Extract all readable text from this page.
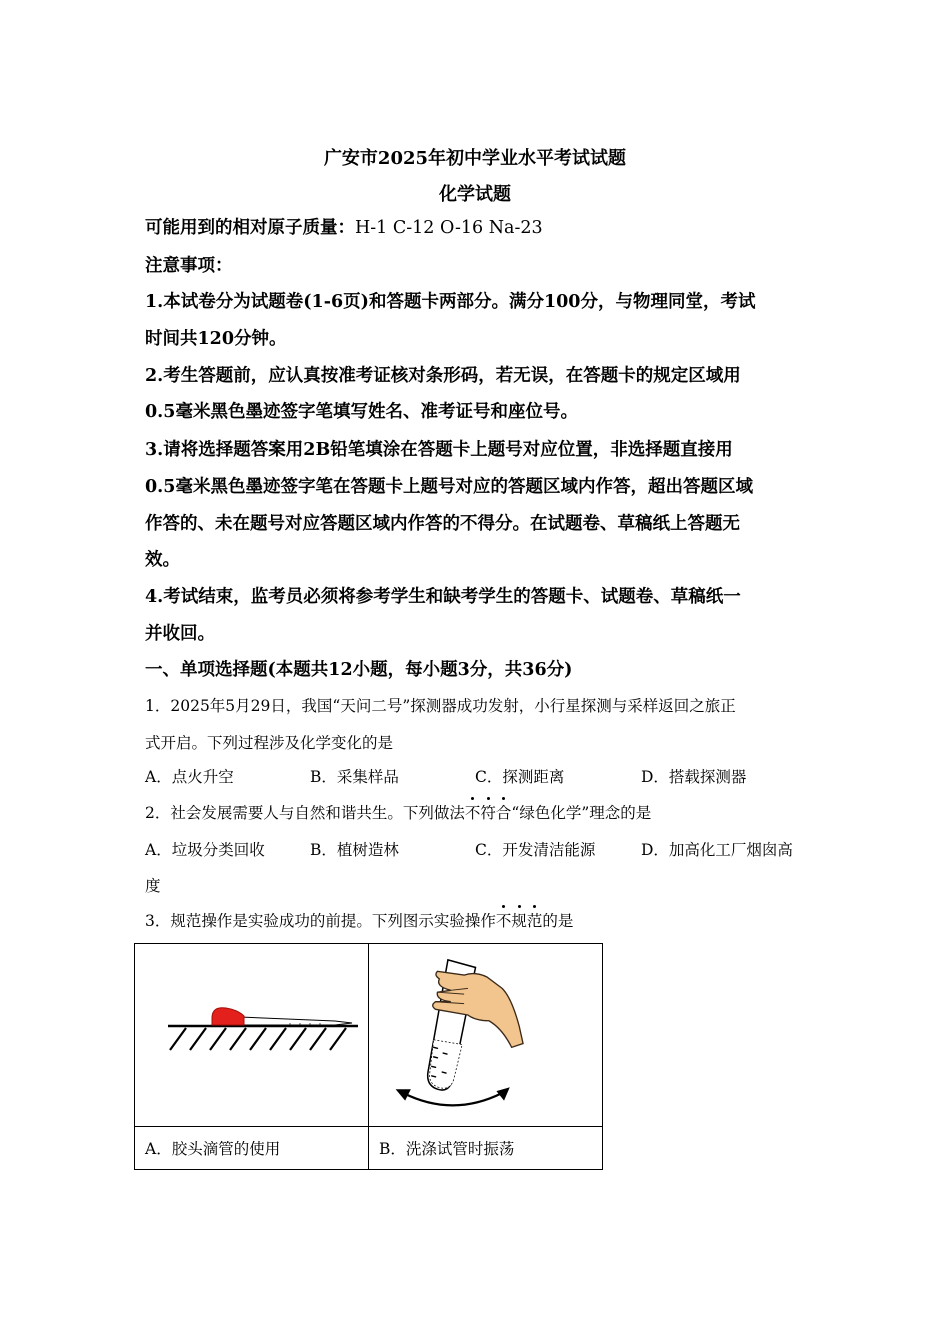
广安市2025年初中学业水平考试试题
化学试题
可能用到的相对原子质量：H-1 C-12 O-16 Na-23
注意事项：
1.本试卷分为试题卷(1-6页)和答题卡两部分。满分100分，与物理同堂，考试
时间共120分钟。
2.考生答题前，应认真按准考证核对条形码，若无误，在答题卡的规定区域用
0.5毫米黑色墨迹签字笔填写姓名、准考证号和座位号。
3.请将选择题答案用2B铅笔填涂在答题卡上题号对应位置，非选择题直接用
0.5毫米黑色墨迹签字笔在答题卡上题号对应的答题区域内作答，超出答题区域
作答的、未在题号对应答题区域内作答的不得分。在试题卷、草稿纸上答题无
效。
4.考试结束，监考员必须将参考学生和缺考学生的答题卡、试题卷、草稿纸一
并收回。
一、单项选择题(本题共12小题，每小题3分，共36分)
1．2025年5月29日，我国“天问二号”探测器成功发射，小行星探测与采样返回之旅正
式开启。下列过程涉及化学变化的是
A．点火升空	B．采集样品	C．探测距离	D．搭载探测器
2．社会发展需要人与自然和谐共生。下列做法不符合“绿色化学”理念的是
A．垃圾分类回收	B．植树造林	C．开发清洁能源	D．加高化工厂烟囱高
度
3．规范操作是实验成功的前提。下列图示实验操作不规范的是

A．胶头滴管的使用	B．洗涤试管时振荡
